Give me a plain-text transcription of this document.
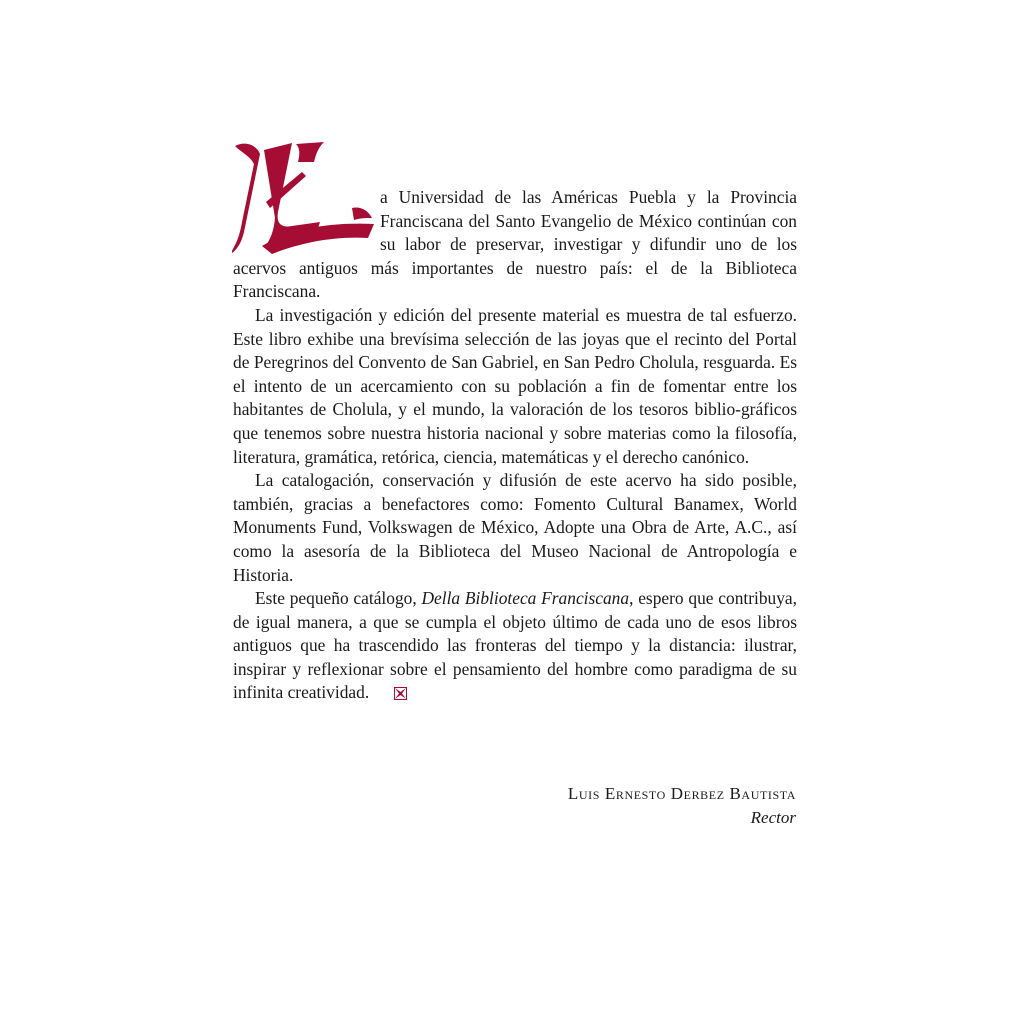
a Universidad de las Américas Puebla y la Provincia Franciscana del Santo Evangelio de México continúan con su labor de preservar, investigar y difundir uno de los acervos antiguos más importantes de nuestro país: el de la Biblioteca Franciscana.

La investigación y edición del presente material es muestra de tal esfuerzo. Este libro exhibe una brevísima selección de las joyas que el recinto del Portal de Peregrinos del Convento de San Gabriel, en San Pedro Cholula, resguarda. Es el intento de un acercamiento con su población a fin de fomentar entre los habitantes de Cholula, y el mundo, la valoración de los tesoros biblio-gráficos que tenemos sobre nuestra historia nacional y sobre materias como la filosofía, literatura, gramática, retórica, ciencia, matemáticas y el derecho canónico.

La catalogación, conservación y difusión de este acervo ha sido posible, también, gracias a benefactores como: Fomento Cultural Banamex, World Monuments Fund, Volkswagen de México, Adopte una Obra de Arte, A.C., así como la asesoría de la Biblioteca del Museo Nacional de Antropología e Historia.

Este pequeño catálogo, Della Biblioteca Franciscana, espero que contribuya, de igual manera, a que se cumpla el objeto último de cada uno de esos libros antiguos que ha trascendido las fronteras del tiempo y la distancia: ilustrar, inspirar y reflexionar sobre el pensamiento del hombre como paradigma de su infinita creatividad.

Luis Ernesto Derbez Bautista
Rector
